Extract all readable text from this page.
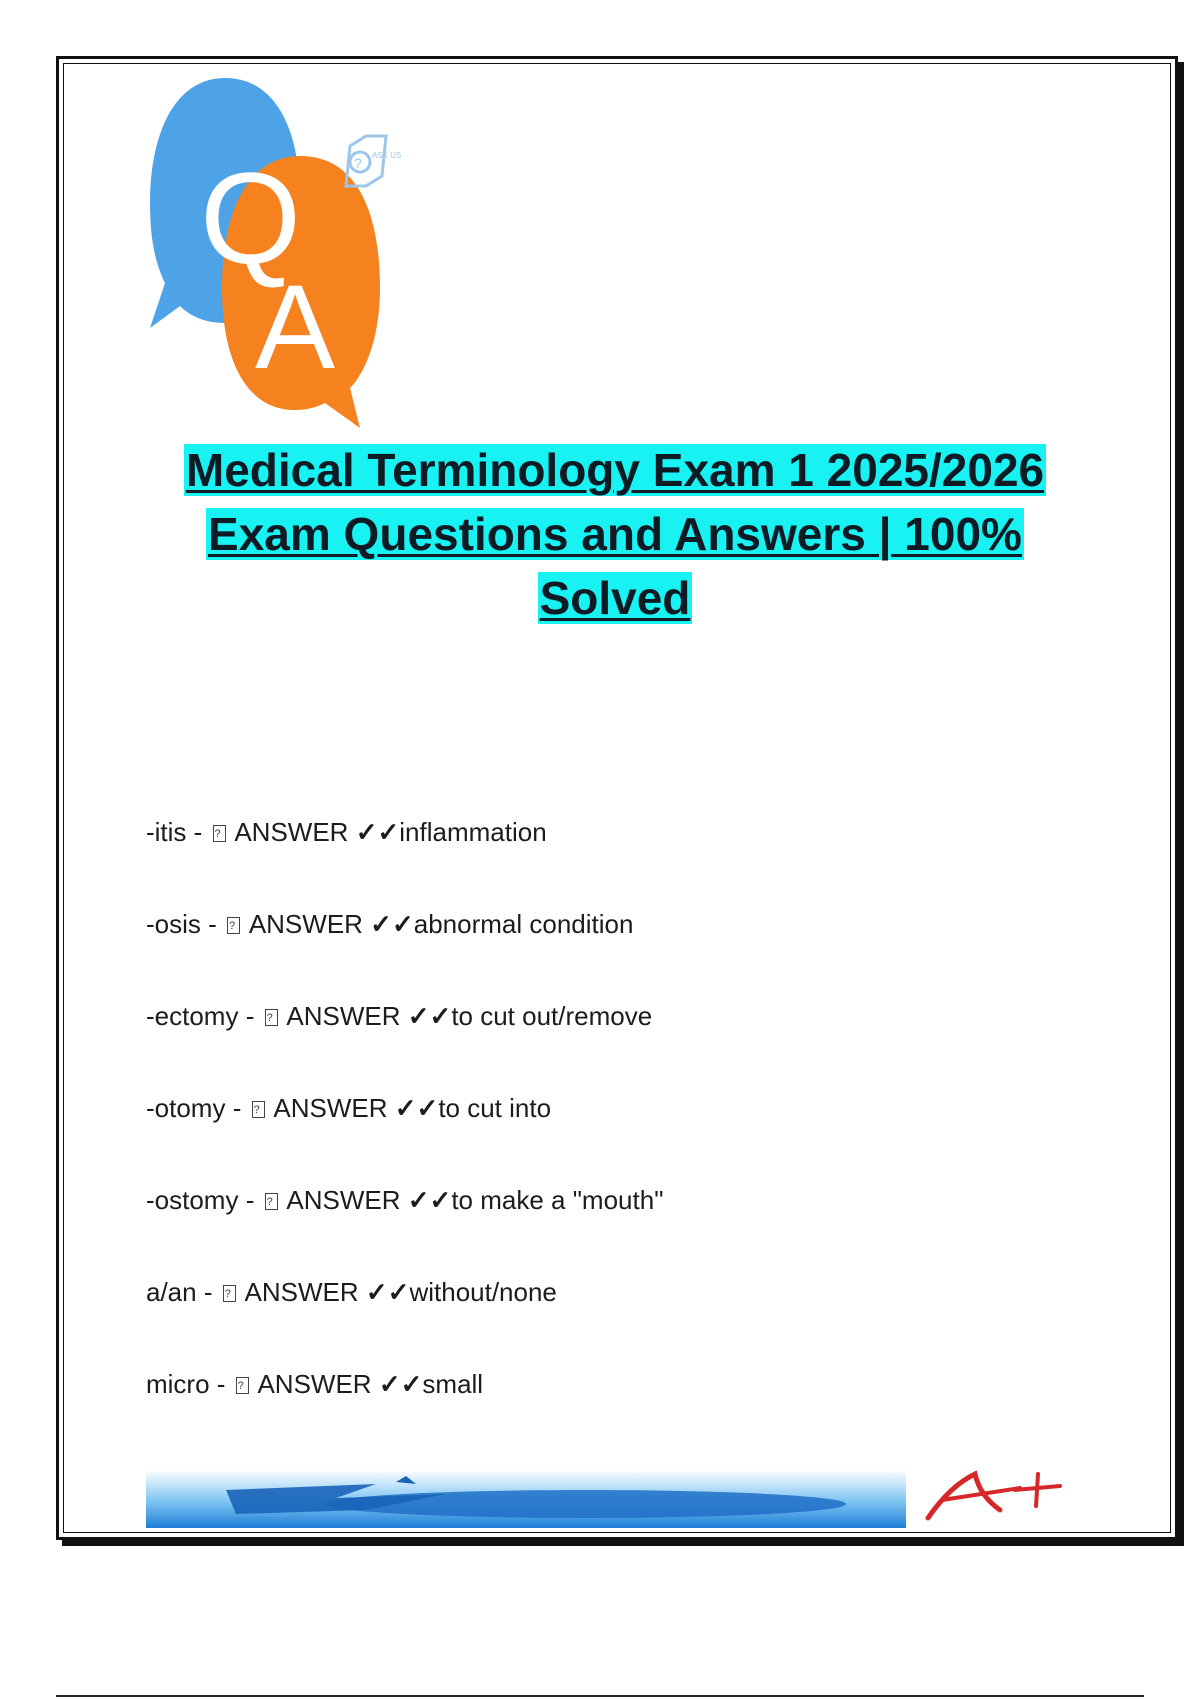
Q
A
? ASK US
Medical Terminology Exam 1 2025/2026
Exam Questions and Answers | 100%
Solved
-itis - ? ANSWER ✓✓inflammation
-osis - ? ANSWER ✓✓abnormal condition
-ectomy - ? ANSWER ✓✓to cut out/remove
-otomy - ? ANSWER ✓✓to cut into
-ostomy - ? ANSWER ✓✓to make a "mouth"
a/an - ? ANSWER ✓✓without/none
micro - ? ANSWER ✓✓small
